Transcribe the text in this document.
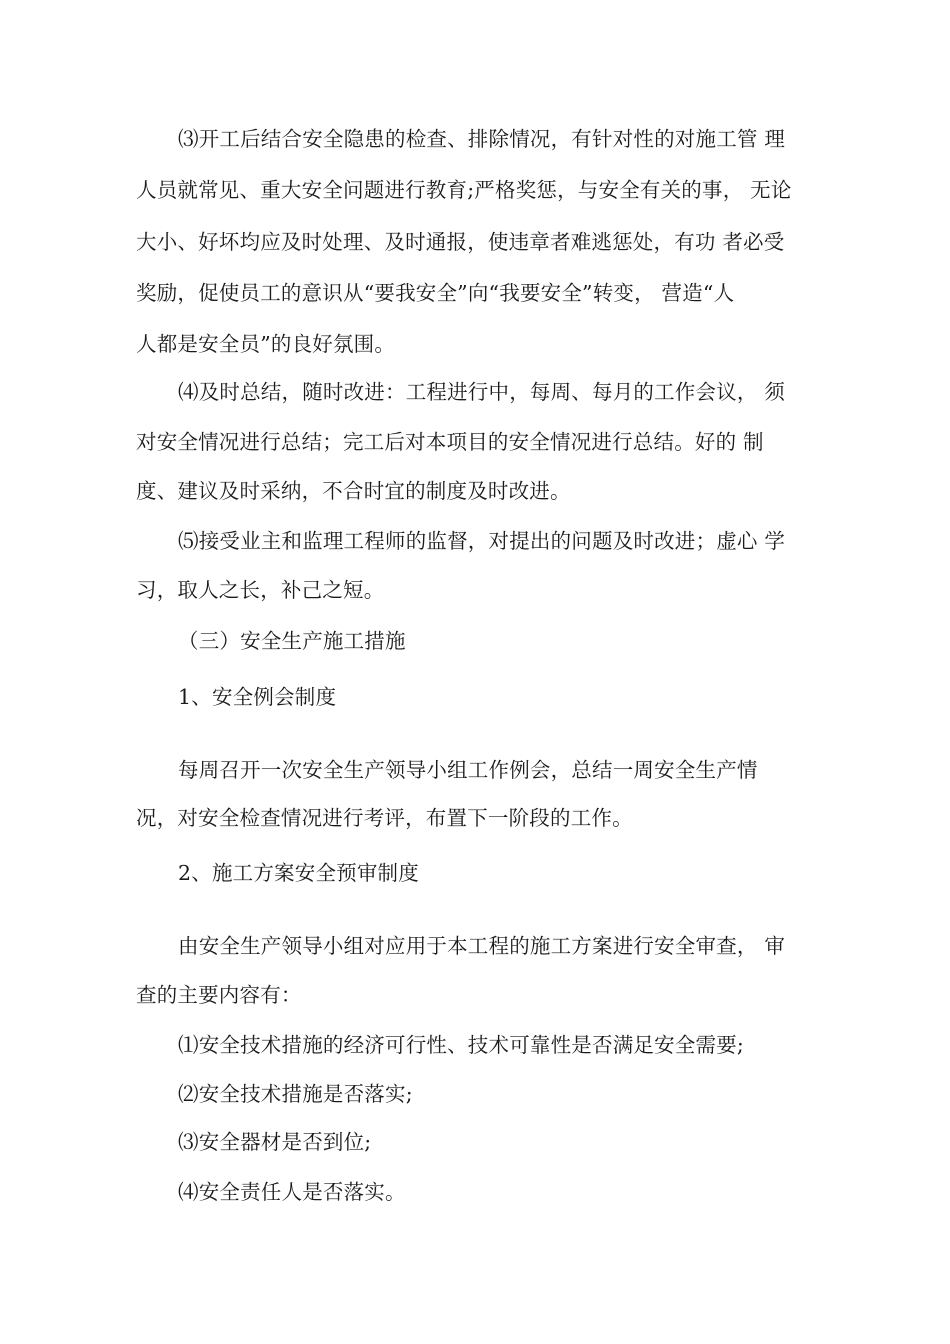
⑶开工后结合安全隐患的检查、排除情况，有针对性的对施工管 理
人员就常见、重大安全问题进行教育;严格奖惩，与安全有关的事， 无论
大小、好坏均应及时处理、及时通报，使违章者难逃惩处，有功 者必受
奖励，促使员工的意识从“要我安全”向“我要安全”转变， 营造“人
人都是安全员”的良好氛围。
⑷及时总结，随时改进：工程进行中，每周、每月的工作会议， 须
对安全情况进行总结；完工后对本项目的安全情况进行总结。好的 制
度、建议及时采纳，不合时宜的制度及时改进。
⑸接受业主和监理工程师的监督，对提出的问题及时改进；虚心 学
习，取人之长，补己之短。
（三）安全生产施工措施
1、安全例会制度
每周召开一次安全生产领导小组工作例会，总结一周安全生产情
况，对安全检查情况进行考评，布置下一阶段的工作。
2、施工方案安全预审制度
由安全生产领导小组对应用于本工程的施工方案进行安全审查， 审
查的主要内容有：
⑴安全技术措施的经济可行性、技术可靠性是否满足安全需要;
⑵安全技术措施是否落实;
⑶安全器材是否到位;
⑷安全责任人是否落实。
